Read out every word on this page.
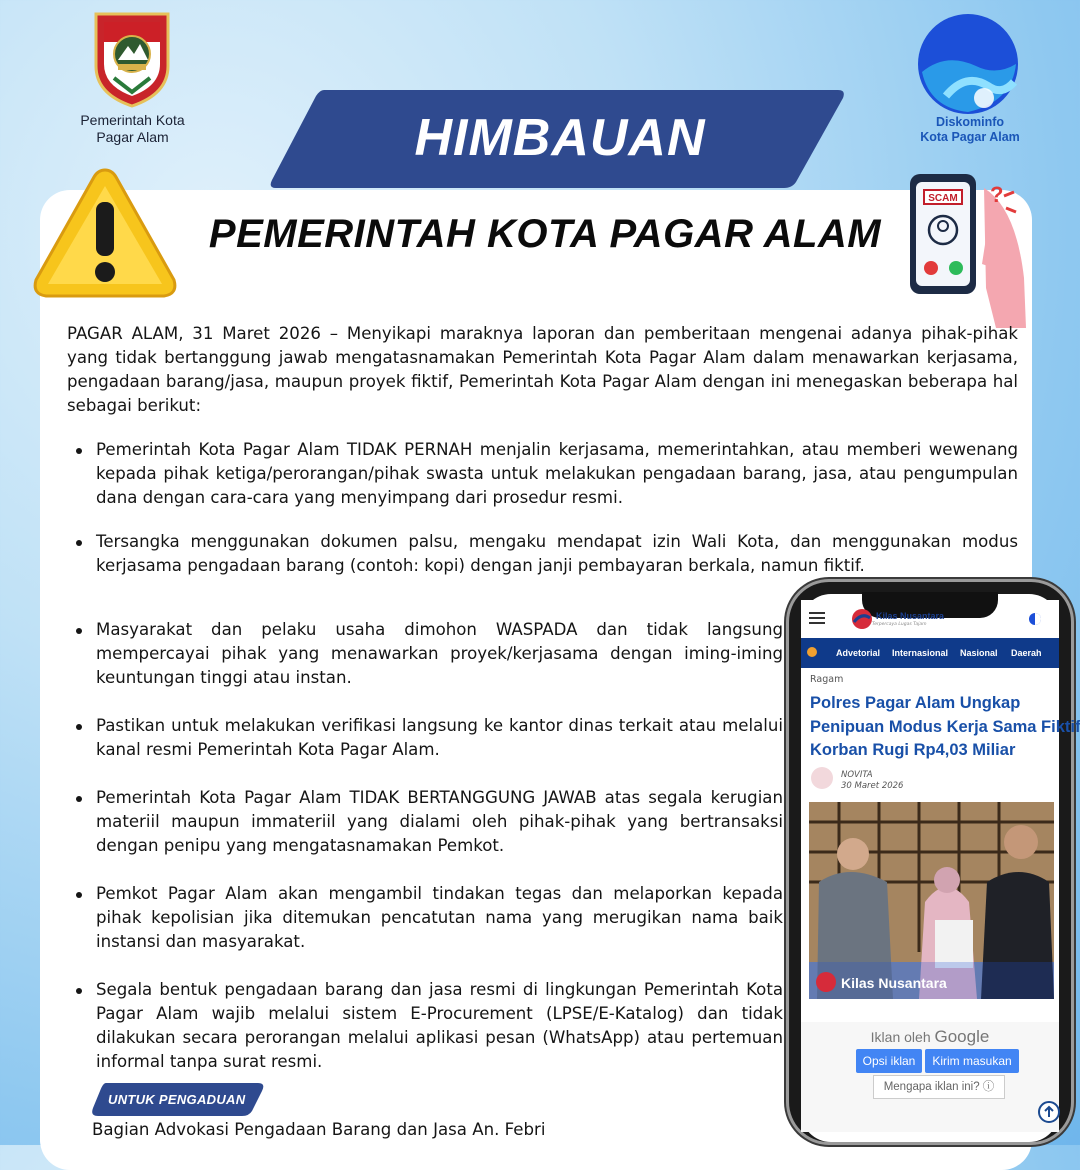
Pemerintah Kota
Pagar Alam
Diskominfo
Kota Pagar Alam
HIMBAUAN
PEMERINTAH KOTA PAGAR ALAM
SCAM ?
PAGAR ALAM, 31 Maret 2026 – Menyikapi maraknya laporan dan pemberitaan mengenai adanya pihak-pihak yang tidak bertanggung jawab mengatasnamakan Pemerintah Kota Pagar Alam dalam menawarkan kerjasama, pengadaan barang/jasa, maupun proyek fiktif, Pemerintah Kota Pagar Alam dengan ini menegaskan beberapa hal sebagai berikut:
Pemerintah Kota Pagar Alam TIDAK PERNAH menjalin kerjasama, memerintahkan, atau memberi wewenang kepada pihak ketiga/perorangan/pihak swasta untuk melakukan pengadaan barang, jasa, atau pengumpulan dana dengan cara-cara yang menyimpang dari prosedur resmi.
Tersangka menggunakan dokumen palsu, mengaku mendapat izin Wali Kota, dan menggunakan modus kerjasama pengadaan barang (contoh: kopi) dengan janji pembayaran berkala, namun fiktif.
Masyarakat dan pelaku usaha dimohon WASPADA dan tidak langsung mempercayai pihak yang menawarkan proyek/kerjasama dengan iming-iming keuntungan tinggi atau instan.
Pastikan untuk melakukan verifikasi langsung ke kantor dinas terkait atau melalui kanal resmi Pemerintah Kota Pagar Alam.
Pemerintah Kota Pagar Alam TIDAK BERTANGGUNG JAWAB atas segala kerugian materiil maupun immateriil yang dialami oleh pihak-pihak yang bertransaksi dengan penipu yang mengatasnamakan Pemkot.
Pemkot Pagar Alam akan mengambil tindakan tegas dan melaporkan kepada pihak kepolisian jika ditemukan pencatutan nama yang merugikan nama baik instansi dan masyarakat.
Segala bentuk pengadaan barang dan jasa resmi di lingkungan Pemerintah Kota Pagar Alam wajib melalui sistem E-Procurement (LPSE/E-Katalog) dan tidak dilakukan secara perorangan melalui aplikasi pesan (WhatsApp) atau pertemuan informal tanpa surat resmi.
UNTUK PENGADUAN
Bagian Advokasi Pengadaan Barang dan Jasa An. Febri
Kilas Nusantara
Terpercaya Lugas Tajam
Advetorial Internasional Nasional Daerah
Ragam
Polres Pagar Alam Ungkap
Penipuan Modus Kerja Sama Fiktif
Korban Rugi Rp4,03 Miliar
NOVITA
30 Maret 2026
Kilas Nusantara
Iklan oleh Google
Opsi iklan	Kirim masukan
Mengapa iklan ini? ⓘ
